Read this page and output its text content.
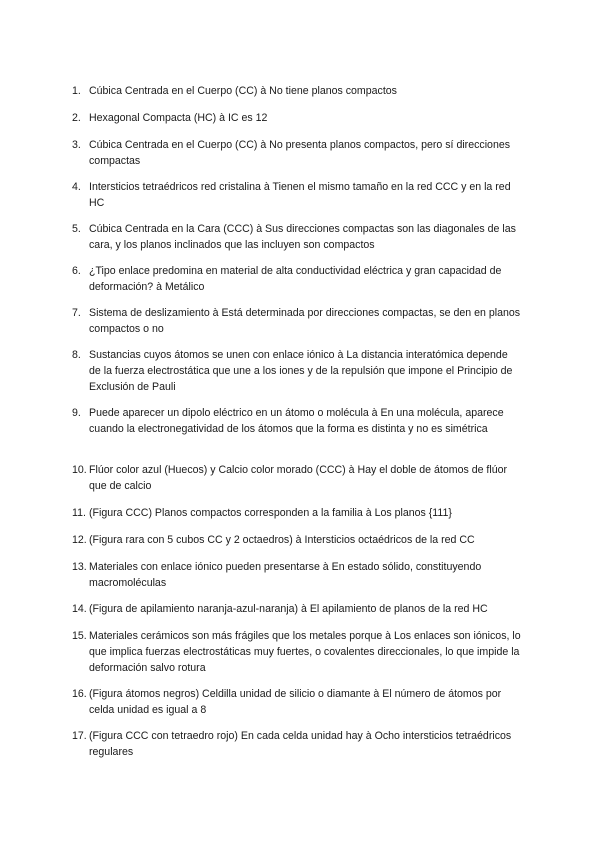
1. Cúbica Centrada en el Cuerpo (CC) à No tiene planos compactos
2. Hexagonal Compacta (HC) à IC es 12
3. Cúbica Centrada en el Cuerpo (CC) à No presenta planos compactos, pero sí direcciones compactas
4. Intersticios tetraédricos red cristalina à Tienen el mismo tamaño en la red CCC y en la red HC
5. Cúbica Centrada en la Cara (CCC) à Sus direcciones compactas son las diagonales de las cara, y los planos inclinados que las incluyen son compactos
6. ¿Tipo enlace predomina en material de alta conductividad eléctrica y gran capacidad de deformación? à Metálico
7. Sistema de deslizamiento à Está determinada por direcciones compactas, se den en planos compactos o no
8. Sustancias cuyos átomos se unen con enlace iónico à La distancia interatómica depende de la fuerza electrostática que une a los iones y de la repulsión que impone el Principio de Exclusión de Pauli
9. Puede aparecer un dipolo eléctrico en un átomo o molécula à En una molécula, aparece cuando la electronegatividad de los átomos que la forma es distinta y no es simétrica
10. Flúor color azul (Huecos) y Calcio color morado (CCC) à Hay el doble de átomos de flúor que de calcio
11. (Figura CCC) Planos compactos corresponden a la familia à Los planos {111}
12. (Figura rara con 5 cubos CC y 2 octaedros) à Intersticios octaédricos de la red CC
13. Materiales con enlace iónico pueden presentarse à En estado sólido, constituyendo macromoléculas
14. (Figura de apilamiento naranja-azul-naranja) à El apilamiento de planos de la red HC
15. Materiales cerámicos son más frágiles que los metales porque à Los enlaces son iónicos, lo que implica fuerzas electrostáticas muy fuertes, o covalentes direccionales, lo que impide la deformación salvo rotura
16. (Figura átomos negros) Celdilla unidad de silicio o diamante à El número de átomos por celda unidad es igual a 8
17. (Figura CCC con tetraedro rojo) En cada celda unidad hay à Ocho intersticios tetraédricos regulares
